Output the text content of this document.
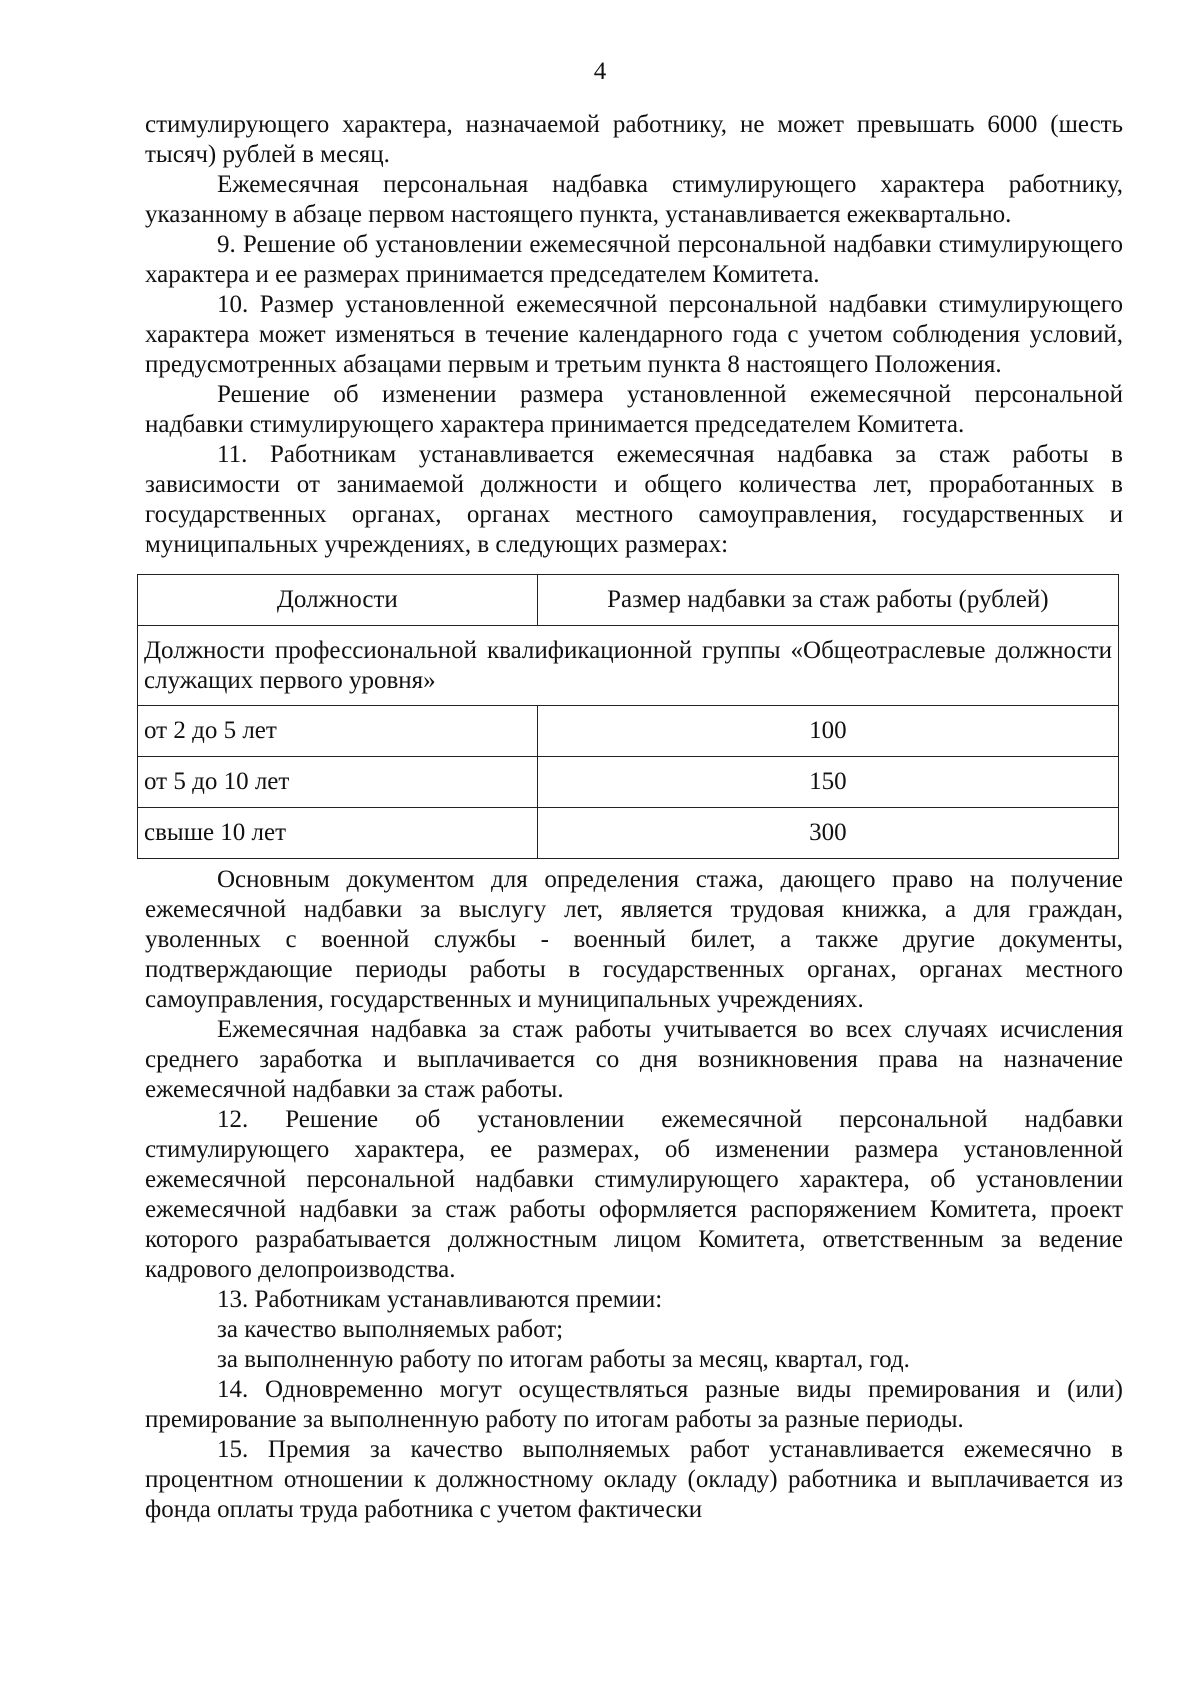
4

стимулирующего характера, назначаемой работнику, не может превышать 6000 (шесть тысяч) рублей в месяц.

Ежемесячная персональная надбавка стимулирующего характера работнику, указанному в абзаце первом настоящего пункта, устанавливается ежеквартально.

9. Решение об установлении ежемесячной персональной надбавки стимулирующего характера и ее размерах принимается председателем Комитета.

10. Размер установленной ежемесячной персональной надбавки стимулирующего характера может изменяться в течение календарного года с учетом соблюдения условий, предусмотренных абзацами первым и третьим пункта 8 настоящего Положения.

Решение об изменении размера установленной ежемесячной персональной надбавки стимулирующего характера принимается председателем Комитета.

11. Работникам устанавливается ежемесячная надбавка за стаж работы в зависимости от занимаемой должности и общего количества лет, проработанных в государственных органах, органах местного самоуправления, государственных и муниципальных учреждениях, в следующих размерах:

Должности	Размер надбавки за стаж работы (рублей)
Должности профессиональной квалификационной группы «Общеотраслевые должности служащих первого уровня»	
от 2 до 5 лет	100
от 5 до 10 лет	150
свыше 10 лет	300

Основным документом для определения стажа, дающего право на получение ежемесячной надбавки за выслугу лет, является трудовая книжка, а для граждан, уволенных с военной службы - военный билет, а также другие документы, подтверждающие периоды работы в государственных органах, органах местного самоуправления, государственных и муниципальных учреждениях.

Ежемесячная надбавка за стаж работы учитывается во всех случаях исчисления среднего заработка и выплачивается со дня возникновения права на назначение ежемесячной надбавки за стаж работы.

12. Решение об установлении ежемесячной персональной надбавки стимулирующего характера, ее размерах, об изменении размера установленной ежемесячной персональной надбавки стимулирующего характера, об установлении ежемесячной надбавки за стаж работы оформляется распоряжением Комитета, проект которого разрабатывается должностным лицом Комитета, ответственным за ведение кадрового делопроизводства.

13. Работникам устанавливаются премии:

за качество выполняемых работ;

за выполненную работу по итогам работы за месяц, квартал, год.

14. Одновременно могут осуществляться разные виды премирования и (или) премирование за выполненную работу по итогам работы за разные периоды.

15. Премия за качество выполняемых работ устанавливается ежемесячно в процентном отношении к должностному окладу (окладу) работника и выплачивается из фонда оплаты труда работника с учетом фактически
